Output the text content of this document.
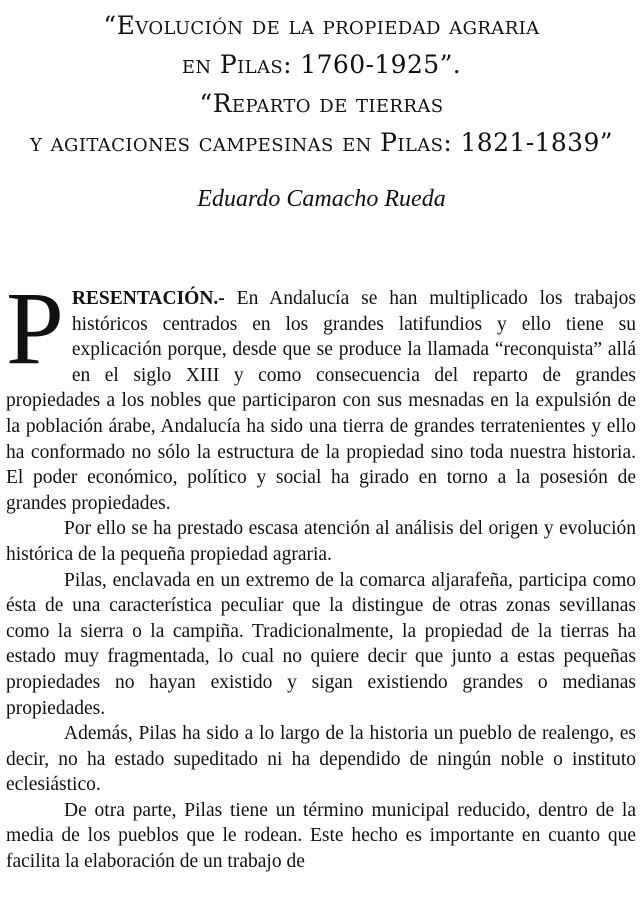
“Evolución de la propiedad agraria
en Pilas: 1760-1925”.
“Reparto de tierras
y agitaciones campesinas en Pilas: 1821-1839”
Eduardo Camacho Rueda

PRESENTACIÓN.- En Andalucía se han multiplicado los trabajos históricos centrados en los grandes latifundios y ello tiene su explicación porque, desde que se produce la llamada “reconquista” allá en el siglo XIII y como consecuencia del reparto de grandes propiedades a los nobles que participaron con sus mesnadas en la expulsión de la población árabe, Andalucía ha sido una tierra de grandes terratenientes y ello ha conformado no sólo la estructura de la propiedad sino toda nuestra historia. El poder económico, político y social ha girado en torno a la posesión de grandes propiedades.

Por ello se ha prestado escasa atención al análisis del origen y evolución histórica de la pequeña propiedad agraria.

Pilas, enclavada en un extremo de la comarca aljarafeña, participa como ésta de una característica peculiar que la distingue de otras zonas sevillanas como la sierra o la campiña. Tradicionalmente, la propiedad de la tierras ha estado muy fragmentada, lo cual no quiere decir que junto a estas pequeñas propiedades no hayan existido y sigan existiendo grandes o medianas propiedades.

Además, Pilas ha sido a lo largo de la historia un pueblo de realengo, es decir, no ha estado supeditado ni ha dependido de ningún noble o instituto eclesiástico.

De otra parte, Pilas tiene un término municipal reducido, dentro de la media de los pueblos que le rodean. Este hecho es importante en cuanto que facilita la elaboración de un trabajo de
